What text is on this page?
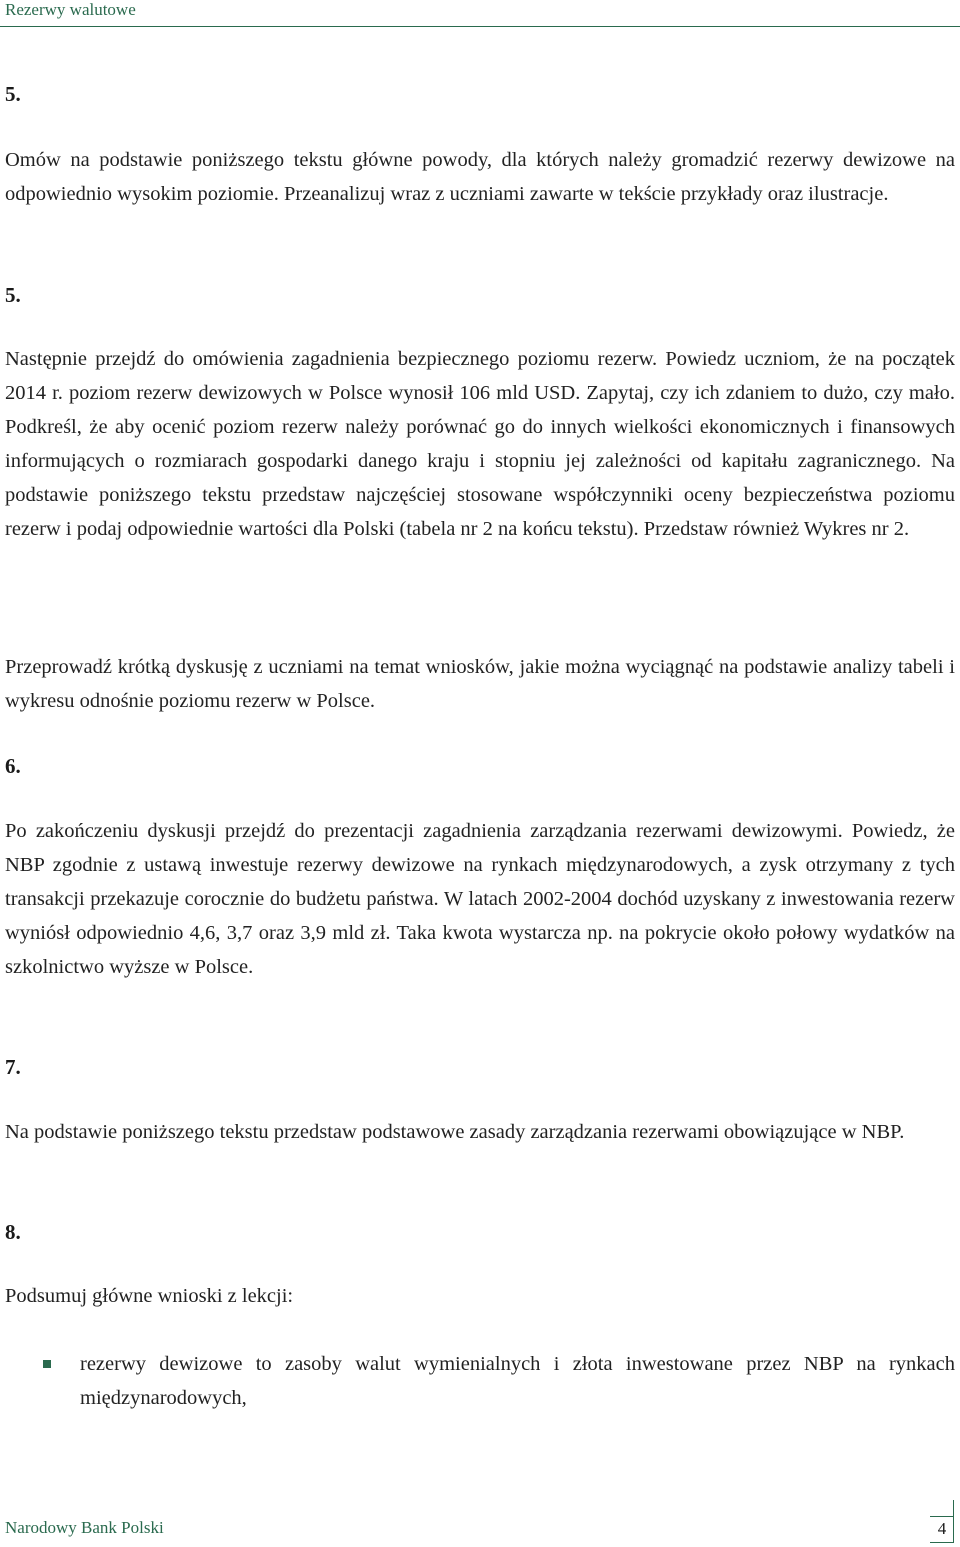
Rezerwy walutowe
5.
Omów na podstawie poniższego tekstu główne powody, dla których należy gromadzić rezerwy dewizowe na odpowiednio wysokim poziomie. Przeanalizuj wraz z uczniami zawarte w tekście przykłady oraz ilustracje.
5.
Następnie przejdź do omówienia zagadnienia bezpiecznego poziomu rezerw. Powiedz uczniom, że na początek 2014 r. poziom rezerw dewizowych w Polsce wynosił 106 mld USD. Zapytaj, czy ich zdaniem to dużo, czy mało. Podkreśl, że aby ocenić poziom rezerw należy porównać go do innych wielkości ekonomicznych i finansowych informujących o rozmiarach gospodarki danego kraju i stopniu jej zależności od kapitału zagranicznego. Na podstawie poniższego tekstu przedstaw najczęściej stosowane współczynniki oceny bezpieczeństwa poziomu rezerw i podaj odpowiednie wartości dla Polski (tabela nr 2 na końcu tekstu). Przedstaw również Wykres nr 2.
Przeprowadź krótką dyskusję z uczniami na temat wniosków, jakie można wyciągnąć na podstawie analizy tabeli i wykresu odnośnie poziomu rezerw w Polsce.
6.
Po zakończeniu dyskusji przejdź do prezentacji zagadnienia zarządzania rezerwami dewizowymi. Powiedz, że NBP zgodnie z ustawą inwestuje rezerwy dewizowe na rynkach międzynarodowych, a zysk otrzymany z tych transakcji przekazuje corocznie do budżetu państwa. W latach 2002-2004 dochód uzyskany z inwestowania rezerw wyniósł odpowiednio 4,6, 3,7 oraz 3,9 mld zł. Taka kwota wystarcza np. na pokrycie około połowy wydatków na szkolnictwo wyższe w Polsce.
7.
Na podstawie poniższego tekstu przedstaw podstawowe zasady zarządzania rezerwami obowiązujące w NBP.
8.
Podsumuj główne wnioski z lekcji:
rezerwy dewizowe to zasoby walut wymienialnych i złota inwestowane przez NBP na rynkach międzynarodowych,
Narodowy Bank Polski	4
